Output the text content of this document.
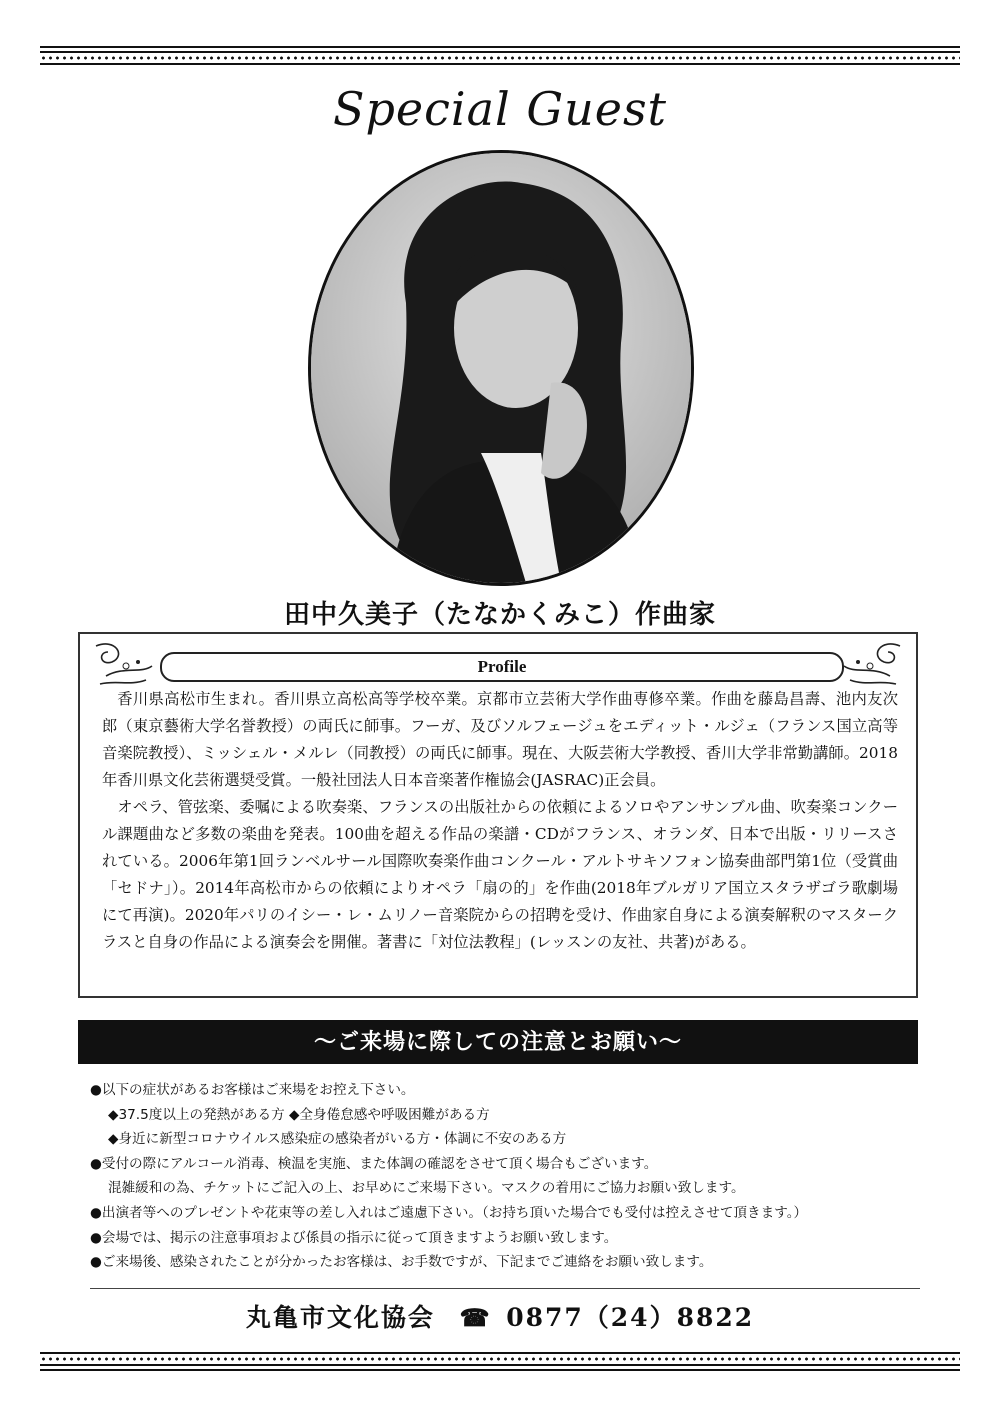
Special Guest
田中久美子（たなかくみこ）作曲家
Profile

香川県高松市生まれ。香川県立高松高等学校卒業。京都市立芸術大学作曲専修卒業。作曲を藤島昌壽、池内友次郎（東京藝術大学名誉教授）の両氏に師事。フーガ、及びソルフェージュをエディット・ルジェ（フランス国立高等音楽院教授）、ミッシェル・メルレ（同教授）の両氏に師事。現在、大阪芸術大学教授、香川大学非常勤講師。2018年香川県文化芸術選奨受賞。一般社団法人日本音楽著作権協会(JASRAC)正会員。

オペラ、管弦楽、委嘱による吹奏楽、フランスの出版社からの依頼によるソロやアンサンブル曲、吹奏楽コンクール課題曲など多数の楽曲を発表。100曲を超える作品の楽譜・CDがフランス、オランダ、日本で出版・リリースされている。2006年第1回ランベルサール国際吹奏楽作曲コンクール・アルトサキソフォン協奏曲部門第1位（受賞曲「セドナ」）。2014年高松市からの依頼によりオペラ「扇の的」を作曲(2018年ブルガリア国立スタラザゴラ歌劇場にて再演)。2020年パリのイシー・レ・ムリノー音楽院からの招聘を受け、作曲家自身による演奏解釈のマスタークラスと自身の作品による演奏会を開催。著書に「対位法教程」(レッスンの友社、共著)がある。

〜ご来場に際しての注意とお願い〜
●以下の症状があるお客様はご来場をお控え下さい。
◆37.5度以上の発熱がある方 ◆全身倦怠感や呼吸困難がある方
◆身近に新型コロナウイルス感染症の感染者がいる方・体調に不安のある方
●受付の際にアルコール消毒、検温を実施、また体調の確認をさせて頂く場合もございます。
混雑緩和の為、チケットにご記入の上、お早めにご来場下さい。マスクの着用にご協力お願い致します。
●出演者等へのプレゼントや花束等の差し入れはご遠慮下さい。（お持ち頂いた場合でも受付は控えさせて頂きます。）
●会場では、掲示の注意事項および係員の指示に従って頂きますようお願い致します。
●ご来場後、感染されたことが分かったお客様は、お手数ですが、下記までご連絡をお願い致します。
丸亀市文化協会 ☎ 0877（24）8822
